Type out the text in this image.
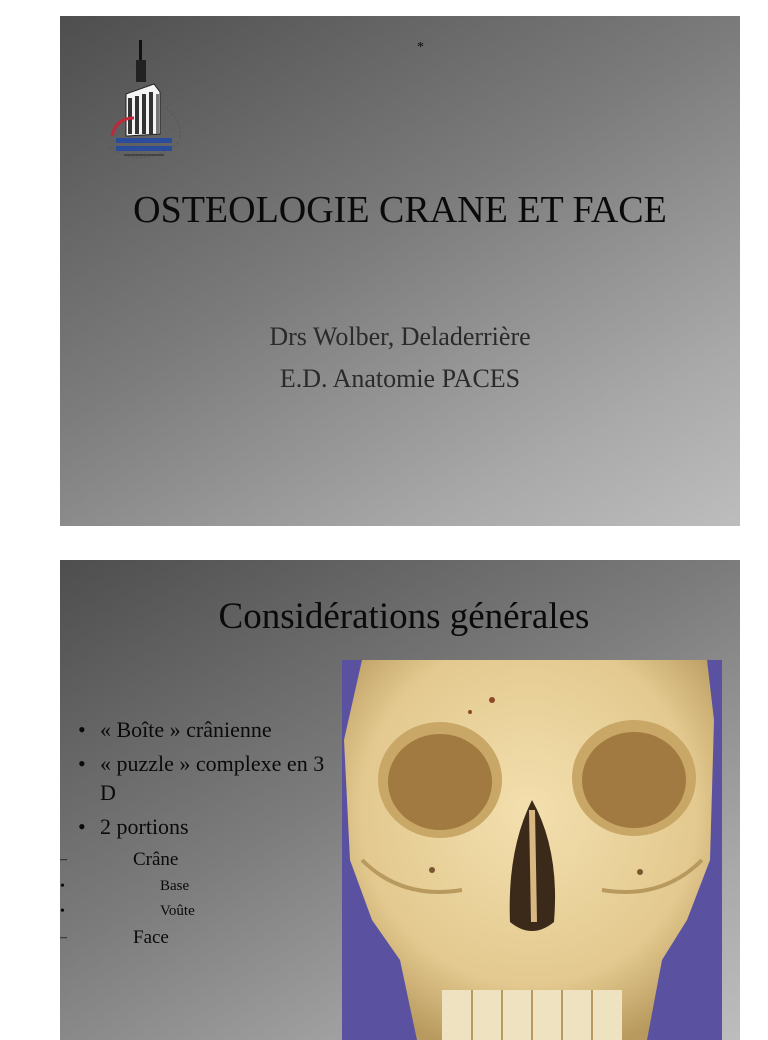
*
OSTEOLOGIE CRANE ET FACE
Drs Wolber, Deladerrière
E.D. Anatomie PACES
Considérations générales
• « Boîte » crânienne
• « puzzle » complexe en 3 D
• 2 portions
–	Crâne
•	Base
•	Voûte
–	Face
